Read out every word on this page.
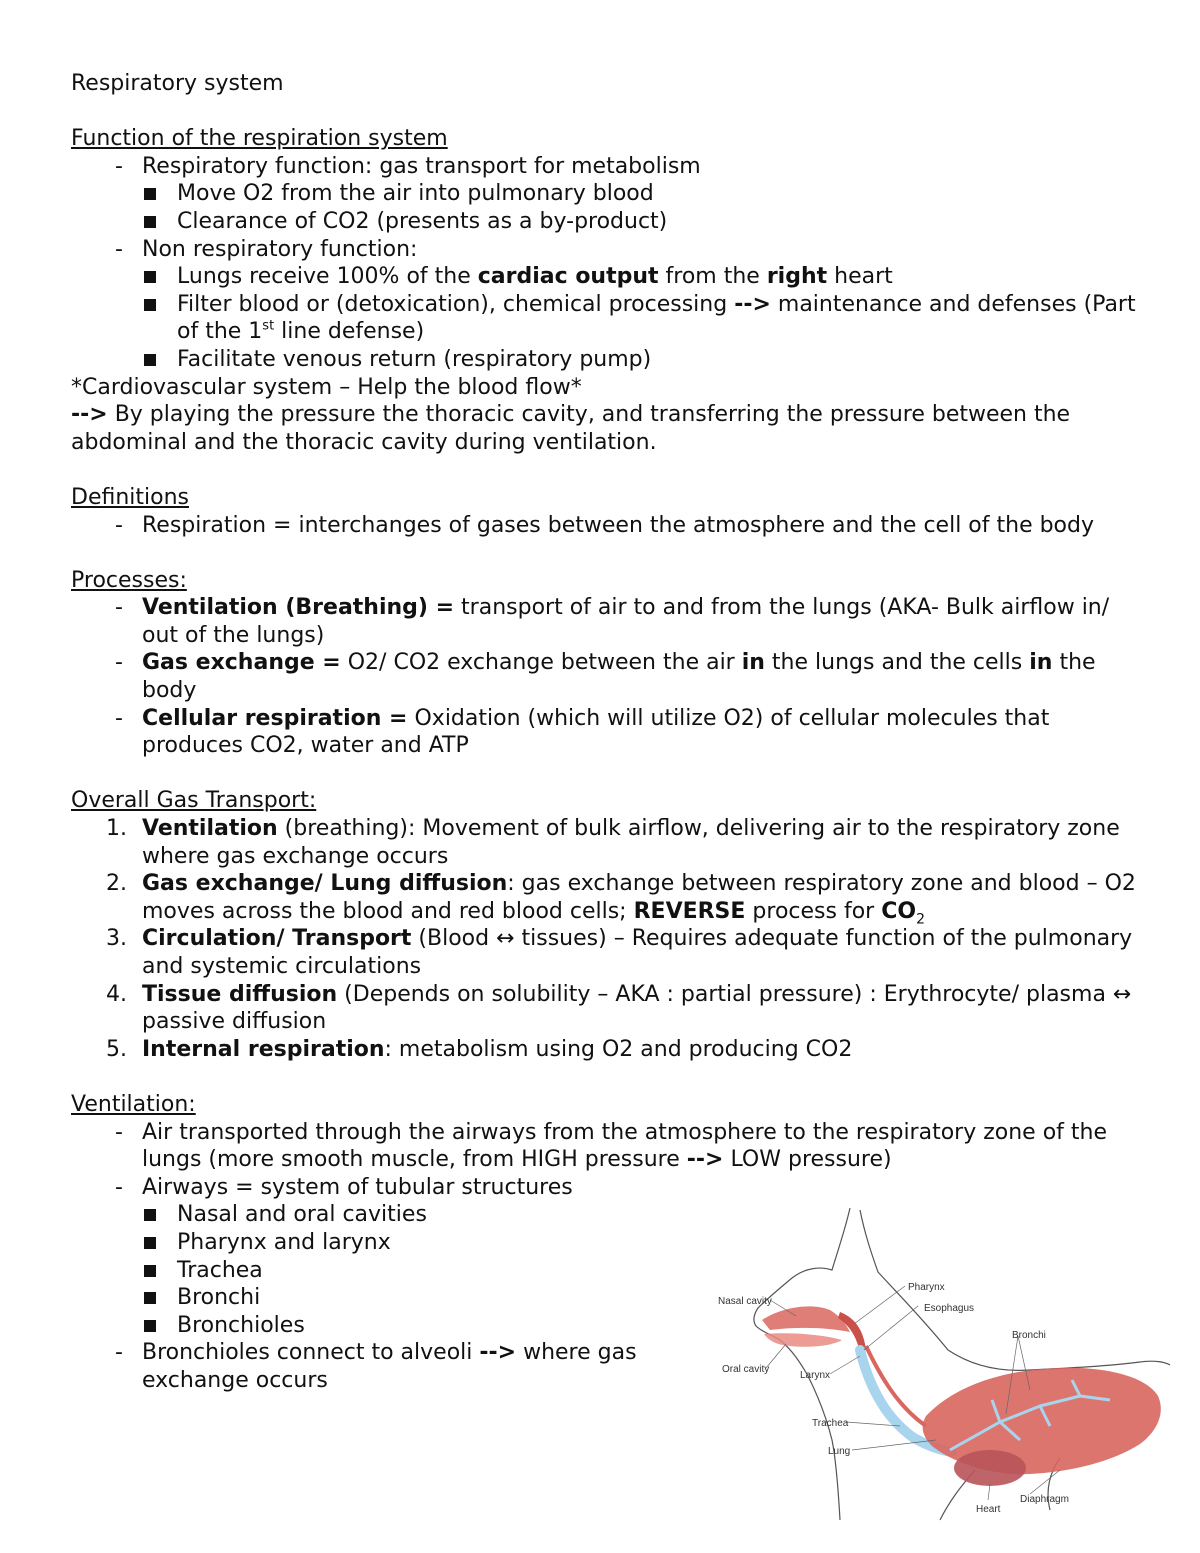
Respiratory system
Function of the respiration system
- Respiratory function: gas transport for metabolism
Move O2 from the air into pulmonary blood
Clearance of CO2 (presents as a by-product)
- Non respiratory function:
Lungs receive 100% of the cardiac output from the right heart
Filter blood or (detoxication), chemical processing --> maintenance and defenses (Part of the 1st line defense)
Facilitate venous return (respiratory pump)
*Cardiovascular system – Help the blood flow*
--> By playing the pressure the thoracic cavity, and transferring the pressure between the abdominal and the thoracic cavity during ventilation.
Definitions
- Respiration = interchanges of gases between the atmosphere and the cell of the body
Processes:
- Ventilation (Breathing) = transport of air to and from the lungs (AKA- Bulk airflow in/ out of the lungs)
- Gas exchange = O2/ CO2 exchange between the air in the lungs and the cells in the body
- Cellular respiration = Oxidation (which will utilize O2) of cellular molecules that produces CO2, water and ATP
Overall Gas Transport:
1. Ventilation (breathing): Movement of bulk airflow, delivering air to the respiratory zone where gas exchange occurs
2. Gas exchange/ Lung diffusion: gas exchange between respiratory zone and blood – O2 moves across the blood and red blood cells; REVERSE process for $CO_2$
3. Circulation/ Transport (Blood ↔ tissues) – Requires adequate function of the pulmonary and systemic circulations
4. Tissue diffusion (Depends on solubility – AKA : partial pressure) : Erythrocyte/ plasma ↔ passive diffusion
5. Internal respiration: metabolism using O2 and producing CO2
Ventilation:
- Air transported through the airways from the atmosphere to the respiratory zone of the lungs (more smooth muscle, from HIGH pressure --> LOW pressure)
- Airways = system of tubular structures
Nasal and oral cavities
Pharynx and larynx
Trachea
Bronchi
Bronchioles
- Bronchioles connect to alveoli --> where gas exchange occurs
Pharynx
Esophagus
Nasal cavity
Bronchi
Oral cavity
Larynx
Trachea
Lung
Heart
Diaphragm
